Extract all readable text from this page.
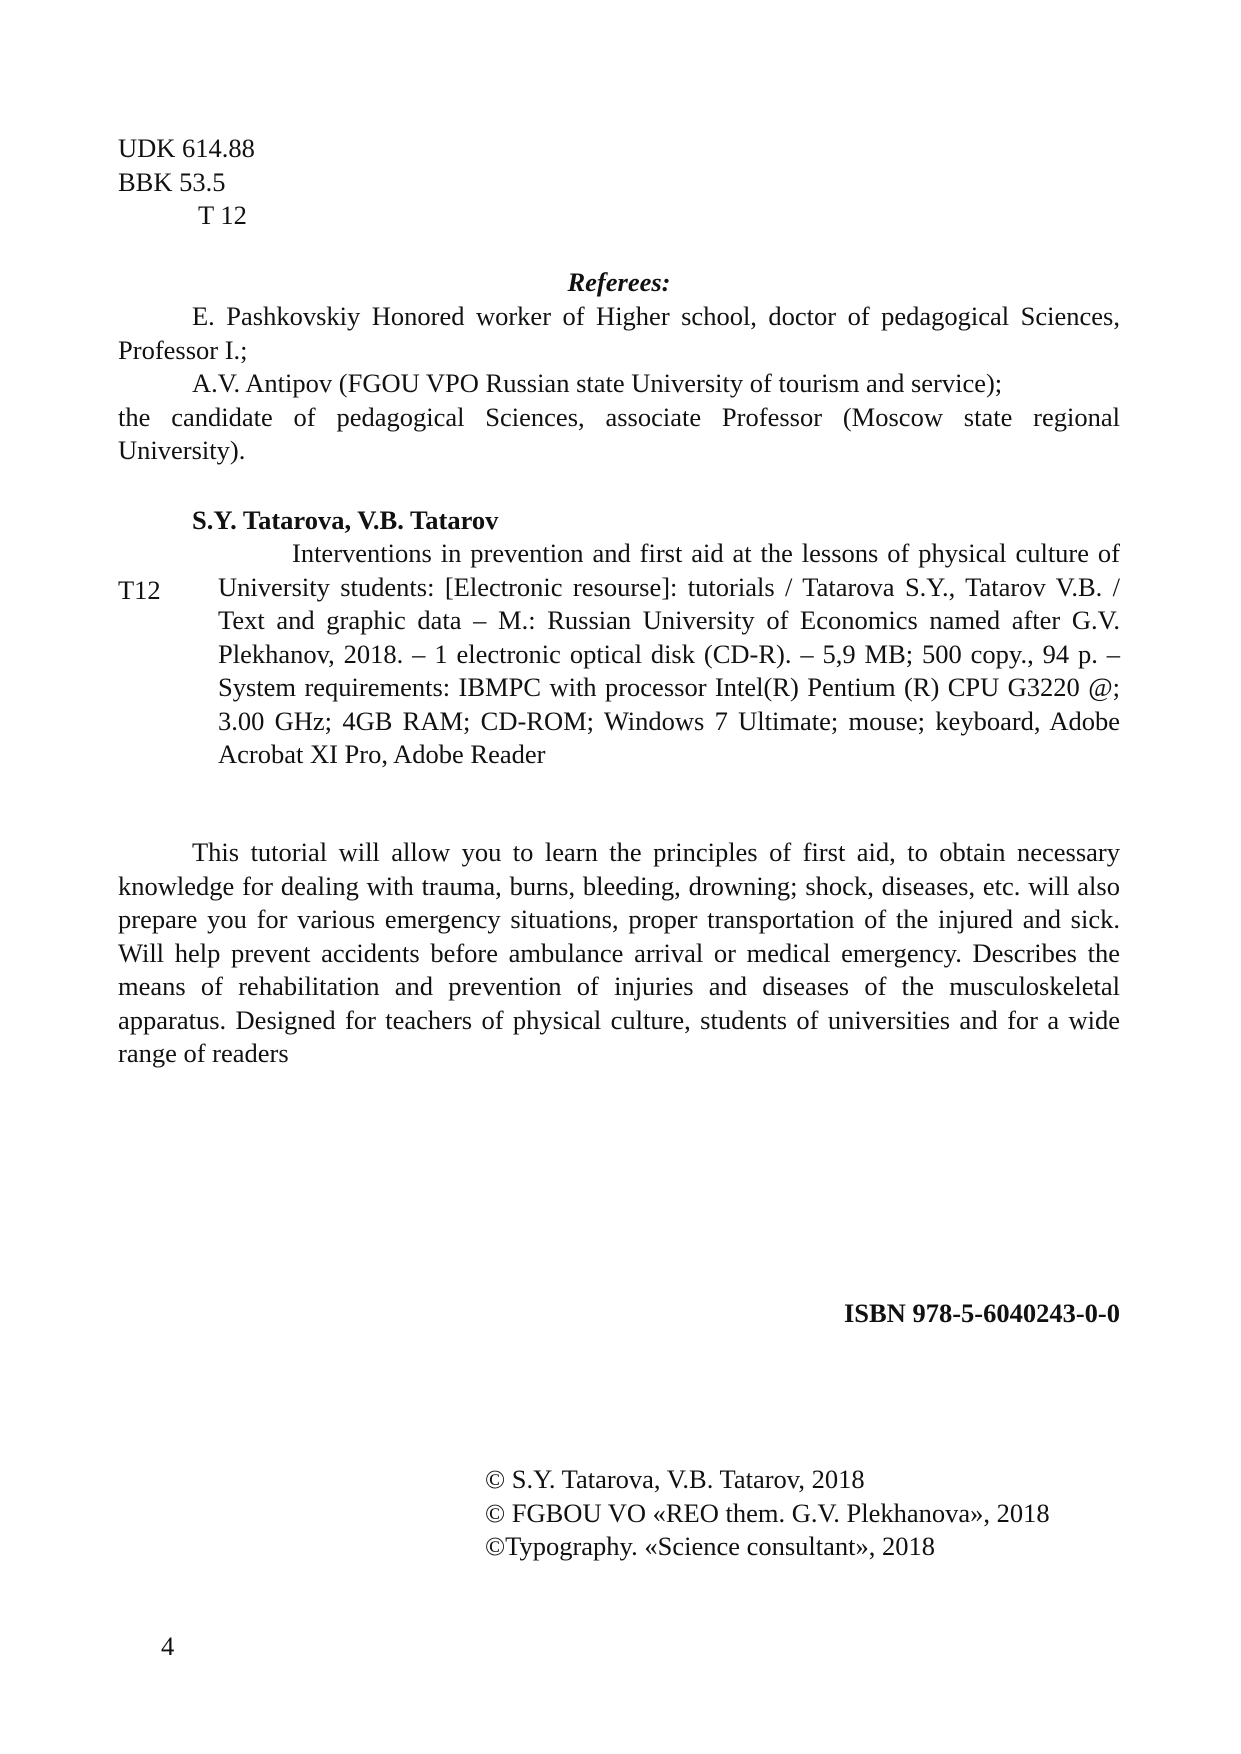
UDK 614.88
BBK 53.5
T 12
Referees:

E. Pashkovskiy Honored worker of Higher school, doctor of pedagogical Sciences, Professor I.;

A.V. Antipov (FGOU VPO Russian state University of tourism and service);
the candidate of pedagogical Sciences, associate Professor (Moscow state regional University).
S.Y. Tatarova, V.B. Tatarov
T12

Interventions in prevention and first aid at the lessons of physical culture of University students: [Electronic resourse]: tutorials / Tatarova S.Y., Tatarov V.B. / Text and graphic data – M.: Russian University of Economics named after G.V. Plekhanov, 2018. – 1 electronic optical disk (CD-R). – 5,9 MB; 500 copy., 94 p. – System requirements: IBMPC with processor Intel(R) Pentium (R) CPU G3220 @; 3.00 GHz; 4GB RAM; CD-ROM; Windows 7 Ultimate; mouse; keyboard, Adobe Acrobat XI Pro, Adobe Reader

This tutorial will allow you to learn the principles of first aid, to obtain necessary knowledge for dealing with trauma, burns, bleeding, drowning; shock, diseases, etc. will also prepare you for various emergency situations, proper transportation of the injured and sick. Will help prevent accidents before ambulance arrival or medical emergency. Describes the means of rehabilitation and prevention of injuries and diseases of the musculoskeletal apparatus. Designed for teachers of physical culture, students of universities and for a wide range of readers

ISBN 978-5-6040243-0-0
© S.Y. Tatarova, V.B. Tatarov, 2018
© FGBOU VO «REO them. G.V. Plekhanova», 2018
©Typography. «Science consultant», 2018
4
